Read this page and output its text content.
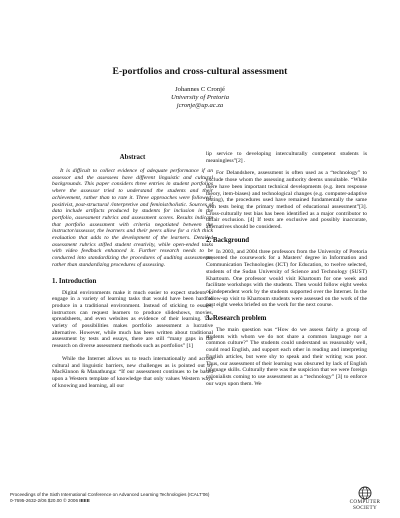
E-portfolios and cross-cultural assessment
Johannes C Cronjé
University of Pretoria
jcronje@up.ac.za
Abstract

It is difficult to collect evidence of adequate performance if an assessor and the assessees have different linguistic and cultural backgrounds. This paper considers three entries in student portfolios where the assessor tried to understand the students and their achievement, rather than to rate it. Three approaches were followed: positivist, post-structural /interpretive and feminist/holistic. Sources of data include artifacts produced by students for inclusion in the portfolio, assessment rubrics and assessment scores. Results indicate that portfolio assessment with criteria negotiated between the instructor/assessor, the learners and their peers allow for a rich thick evaluation that adds to the development of the learners. Detailed assessment rubrics stifled student creativity, while open-ended tasks with video feedback enhanced it. Further research needs to be conducted into standardizing the procedures of auditing assessments, rather than standardizing procedures of assessing.

1. Introduction

Digital environments make it much easier to expect students to engage in a variety of learning tasks that would have been hard to produce in a traditional environment. Instead of sticking to essays, instructors can request learners to produce slideshows, movies, spreadsheets, and even websites as evidence of their learning. The variety of possibilities makes portfolio assessment a lucrative alternative. However, while much has been written about traditional assessment by tests and essays, there are still “many gaps in the research on diverse assessment methods such as portfolios” [1]

While the Internet allows us to teach internationally and across cultural and linguistic barriers, new challenges as is pointed out by MacKinnon & Manathunga: “If our assessment continues to be based upon a Western template of knowledge that only values Western ways of knowing and learning, all our

lip service to developing interculturally competent students is meaningless”[2] .

For Delandshere, assessment is often used as a “technology” to exclude those whom the assessing authority deems unsuitable. “While there have been important technical developments (e.g. item response theory, item-biases) and technological changes (e.g. computer-adaptive testing), the procedures used have remained fundamentally the same with tests being the primary method of educational assessment”[3]. Cross-culturally test bias has been identified as a major contributor to unfair exclusion. [4] If tests are exclusive and possibly inaccurate, alternatives should be considered.

2. Background

In 2003, and 2004 three professors from the University of Pretoria presented the coursework for a Masters’ degree in Information and Communication Technologies (ICT) for Education, to twelve selected, students of the Sudan University of Science and Technology (SUST) Khartoum. One professor would visit Khartoum for one week and facilitate workshops with the students. Then would follow eight weeks of independent work by the students supported over the Internet. In the follow-up visit to Khartoum students were assessed on the work of the past eight weeks briefed on the work for the next course.

3. Research problem

The main question was “How do we assess fairly a group of students with whom we do not share a common language nor a common culture?” The students could understand us reasonably well, could read English, and support each other in reading and interpreting English articles, but were shy to speak and their writing was poor. Thus, our assessment of their learning was obscured by lack of English language skills. Culturally there was the suspicion that we were foreign colonialists coming to use assessment as a “technology” [3] to enforce our ways upon them. We

Proceedings of the Sixth International Conference on Advanced Learning Technologies (ICALT'06)
0-7695-2632-2/06 $20.00 © 2006 IEEE	COMPUTER
SOCIETY
